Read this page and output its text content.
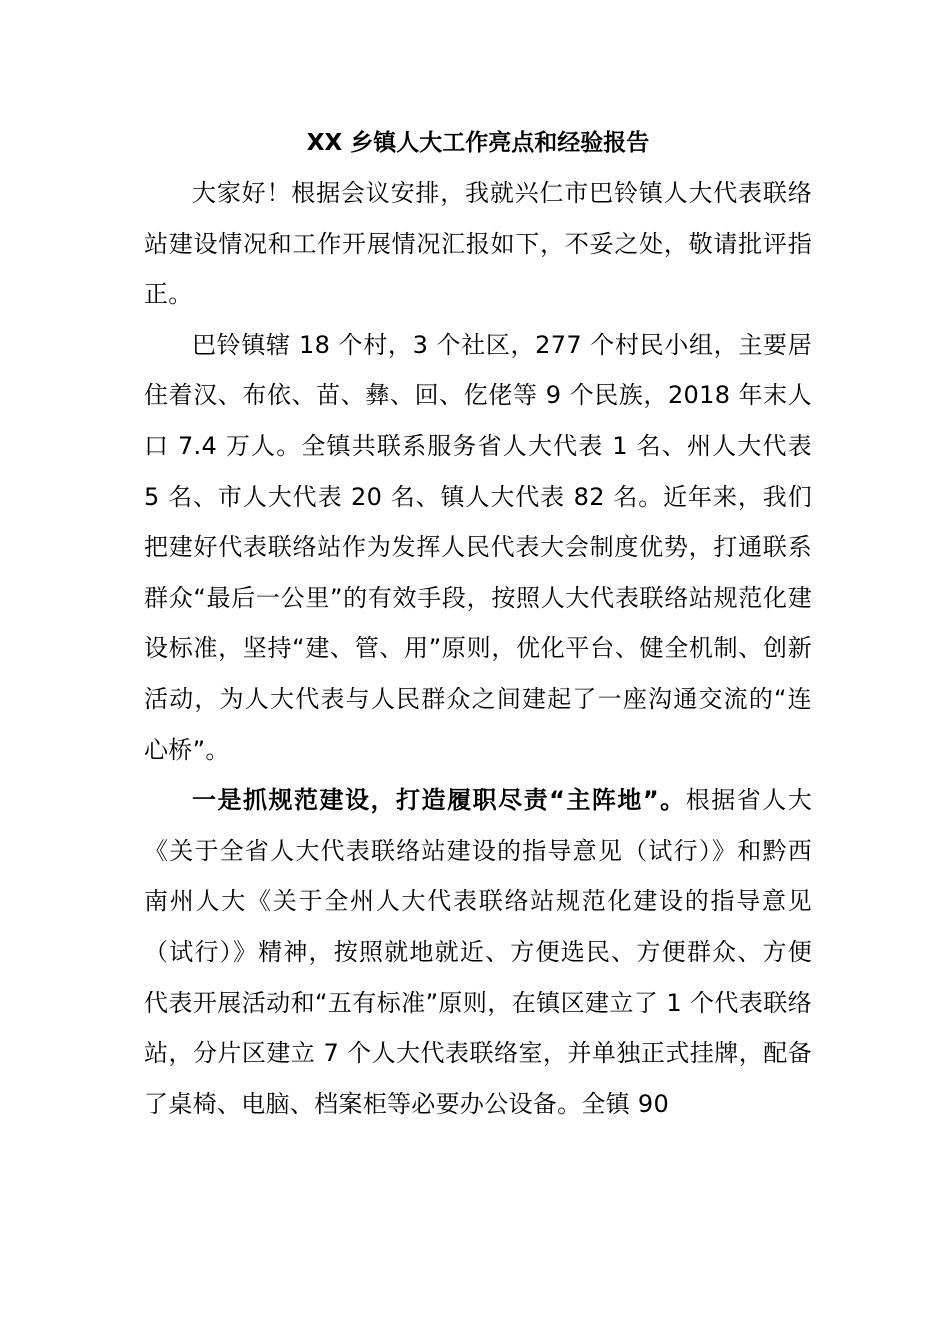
XX 乡镇人大工作亮点和经验报告

大家好！根据会议安排，我就兴仁市巴铃镇人大代表联络站建设情况和工作开展情况汇报如下，不妥之处，敬请批评指正。

巴铃镇辖 18 个村，3 个社区，277 个村民小组，主要居住着汉、布依、苗、彝、回、仡佬等 9 个民族，2018 年末人口 7.4 万人。全镇共联系服务省人大代表 1 名、州人大代表 5 名、市人大代表 20 名、镇人大代表 82 名。近年来，我们把建好代表联络站作为发挥人民代表大会制度优势，打通联系群众“最后一公里”的有效手段，按照人大代表联络站规范化建设标准，坚持“建、管、用”原则，优化平台、健全机制、创新活动，为人大代表与人民群众之间建起了一座沟通交流的“连心桥”。

一是抓规范建设，打造履职尽责“主阵地”。根据省人大《关于全省人大代表联络站建设的指导意见（试行）》和黔西南州人大《关于全州人大代表联络站规范化建设的指导意见（试行）》精神，按照就地就近、方便选民、方便群众、方便代表开展活动和“五有标准”原则，在镇区建立了 1 个代表联络站，分片区建立 7 个人大代表联络室，并单独正式挂牌，配备了桌椅、电脑、档案柜等必要办公设备。全镇 90
